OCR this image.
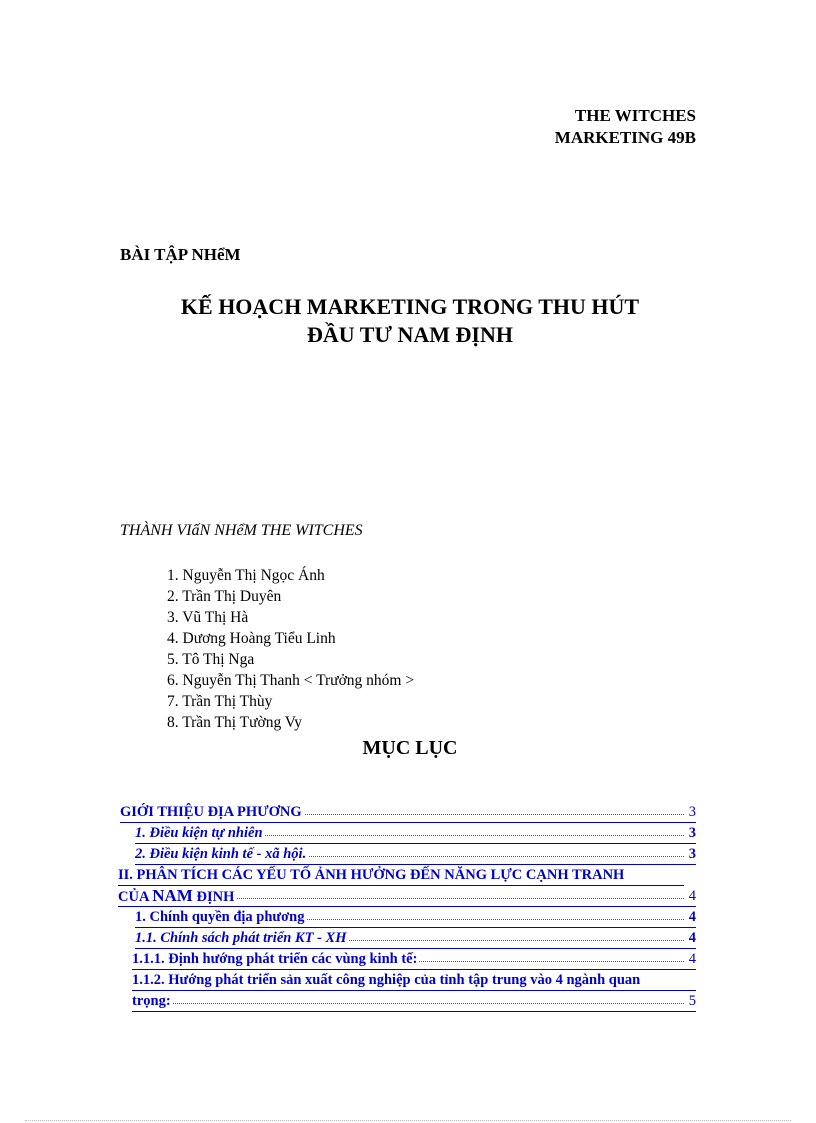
THE WITCHES
MARKETING 49B
BÀI TẬP NHểM
KẾ HOẠCH MARKETING TRONG THU HÚT
ĐẦU TƯ NAM ĐỊNH
THÀNH VIấN NHểM THE WITCHES
1. Nguyễn Thị Ngọc Ánh
2. Trần Thị Duyên
3. Vũ Thị Hà
4. Dương Hoàng Tiểu Linh
5. Tô Thị Nga
6. Nguyễn Thị Thanh < Trưởng nhóm >
7. Trần Thị Thùy
8. Trần Thị Tường Vy
MỤC LỤC
GIỚI THIỆU ĐỊA PHƯƠNG	3
1. Điều kiện tự nhiên	3
2. Điều kiện kinh tế - xã hội.	3
II. PHÂN TÍCH CÁC YẾU TỐ ẢNH HƯỞNG ĐẾN NĂNG LỰC CẠNH TRANH
CỦA NAM ĐỊNH	4
1. Chính quyền địa phương	4
1.1. Chính sách phát triển KT - XH	4
1.1.1. Định hướng phát triển các vùng kinh tế:	4
1.1.2. Hướng phát triển sản xuất công nghiệp của tỉnh tập trung vào 4 ngành quan
trọng:	5
